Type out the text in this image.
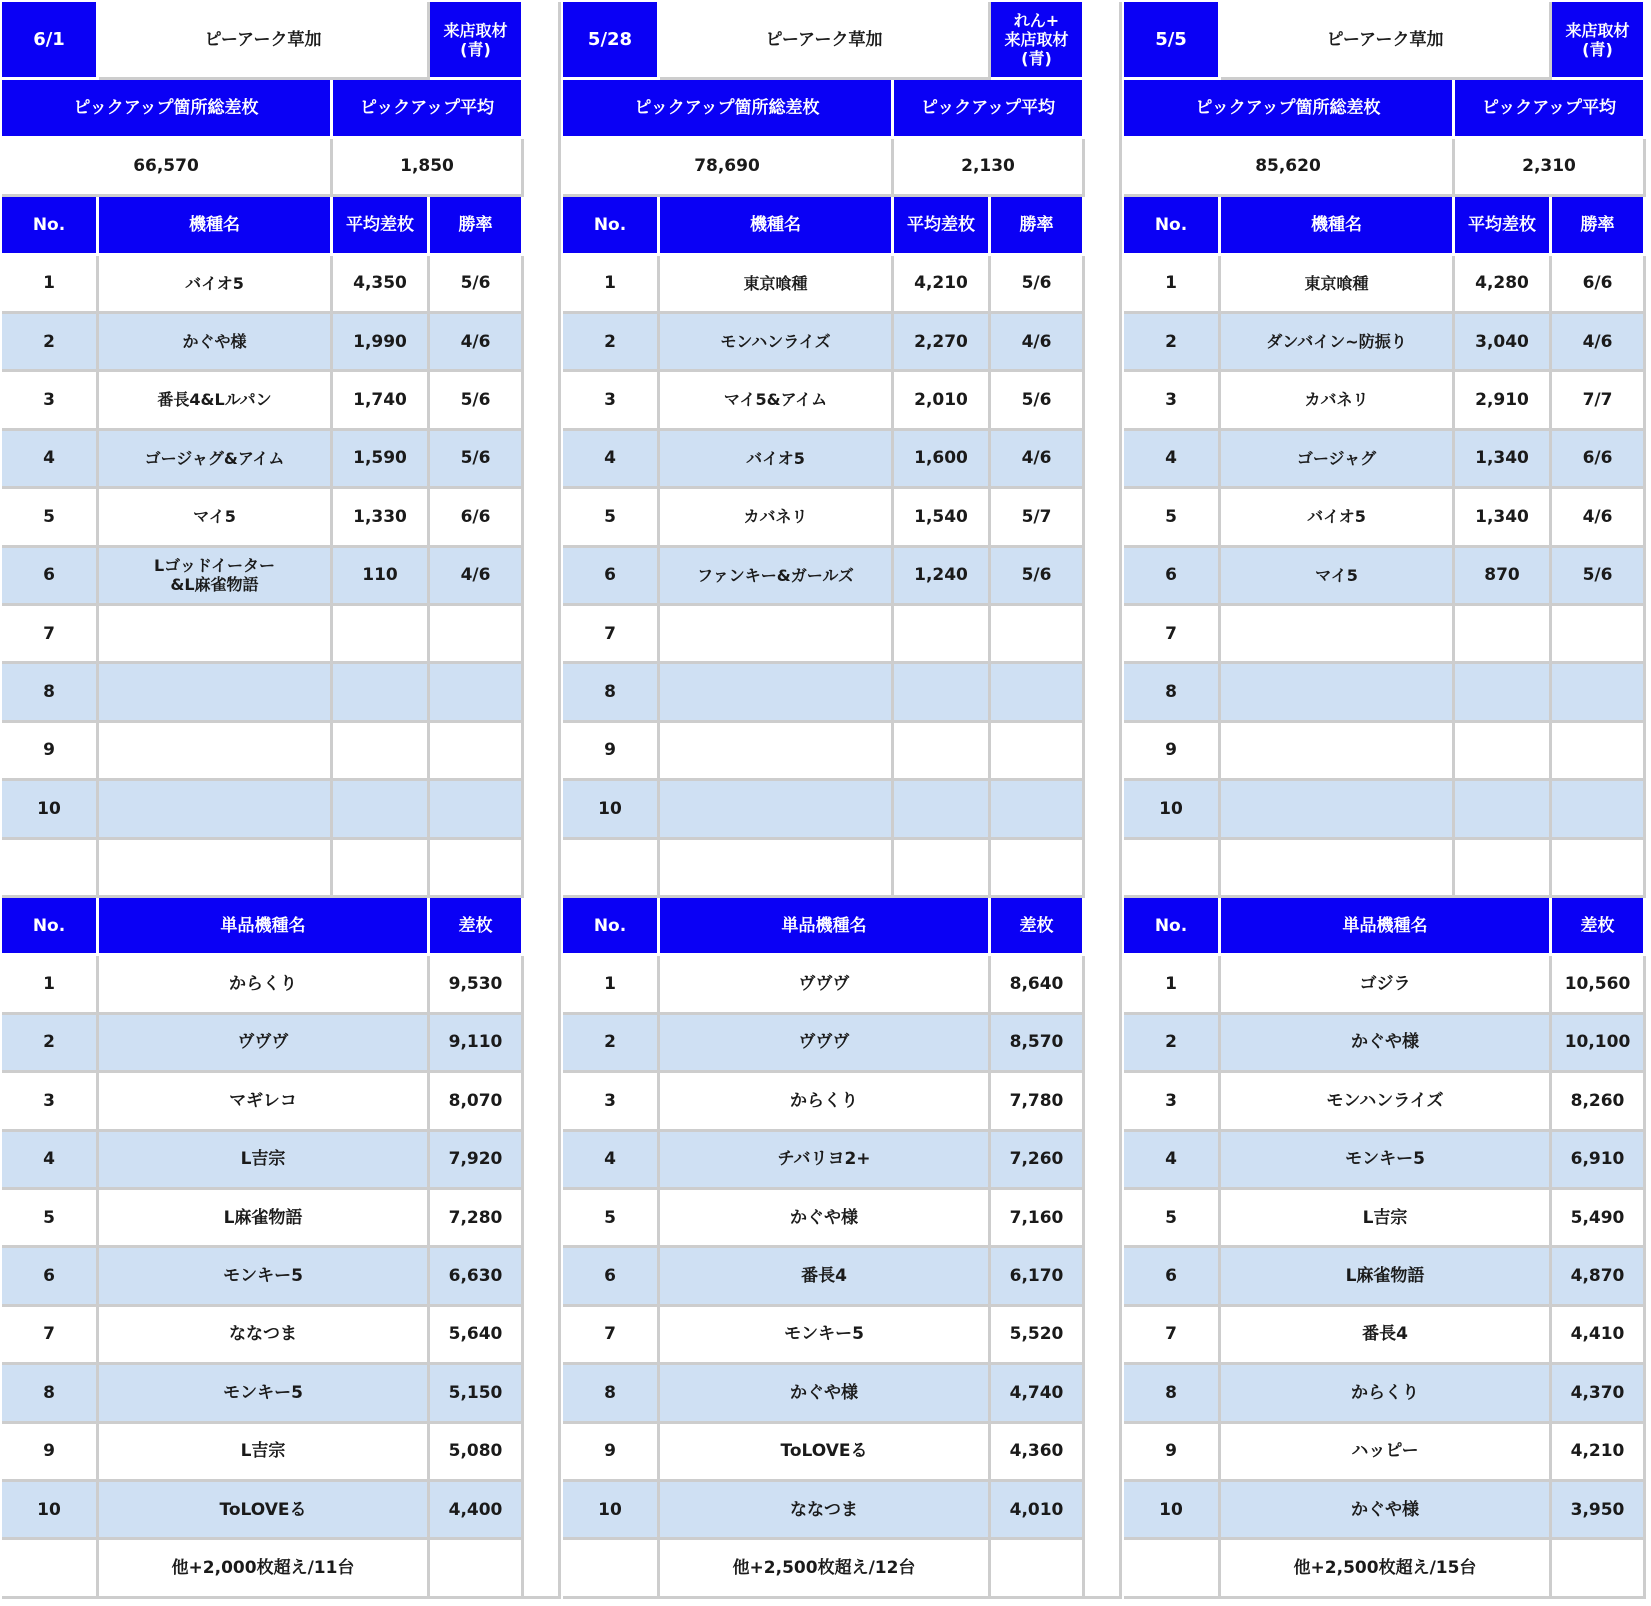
6/1	ピーアーク草加	来店取材
(青)
ピックアップ箇所総差枚	ピックアップ平均
66,570	1,850
No.	機種名	平均差枚	勝率
1	バイオ5	4,350	5/6
2	かぐや様	1,990	4/6
3	番長4&Lルパン	1,740	5/6
4	ゴージャグ&アイム	1,590	5/6
5	マイ5	1,330	6/6
6	Lゴッドイーター
&L麻雀物語	110	4/6
7
8
9
10
No.	単品機種名	差枚
1	からくり	9,530
2	ヴヴヴ	9,110
3	マギレコ	8,070
4	L吉宗	7,920
5	L麻雀物語	7,280
6	モンキー5	6,630
7	ななつま	5,640
8	モンキー5	5,150
9	L吉宗	5,080
10	ToLOVEる	4,400
他+2,000枚超え/11台
5/28	ピーアーク草加
れん+
来店取材
(青)
ピックアップ箇所総差枚	ピックアップ平均
78,690	2,130
No.	機種名	平均差枚	勝率
1	東京喰種	4,210	5/6
2	モンハンライズ	2,270	4/6
3	マイ5&アイム	2,010	5/6
4	バイオ5	1,600	4/6
5	カバネリ	1,540	5/7
6	ファンキー&ガールズ	1,240	5/6
7
8
9
10
No.	単品機種名	差枚
1	ヴヴヴ	8,640
2	ヴヴヴ	8,570
3	からくり	7,780
4	チバリヨ2+	7,260
5	かぐや様	7,160
6	番長4	6,170
7	モンキー5	5,520
8	かぐや様	4,740
9	ToLOVEる	4,360
10	ななつま	4,010
他+2,500枚超え/12台
5/5	ピーアーク草加	来店取材
(青)
ピックアップ箇所総差枚	ピックアップ平均
85,620	2,310
No.	機種名	平均差枚	勝率
1	東京喰種	4,280	6/6
2	ダンバイン~防振り	3,040	4/6
3	カバネリ	2,910	7/7
4	ゴージャグ	1,340	6/6
5	バイオ5	1,340	4/6
6	マイ5	870	5/6
7
8
9
10
No.	単品機種名	差枚
1	ゴジラ	10,560
2	かぐや様	10,100
3	モンハンライズ	8,260
4	モンキー5	6,910
5	L吉宗	5,490
6	L麻雀物語	4,870
7	番長4	4,410
8	からくり	4,370
9	ハッピー	4,210
10	かぐや様	3,950
他+2,500枚超え/15台
